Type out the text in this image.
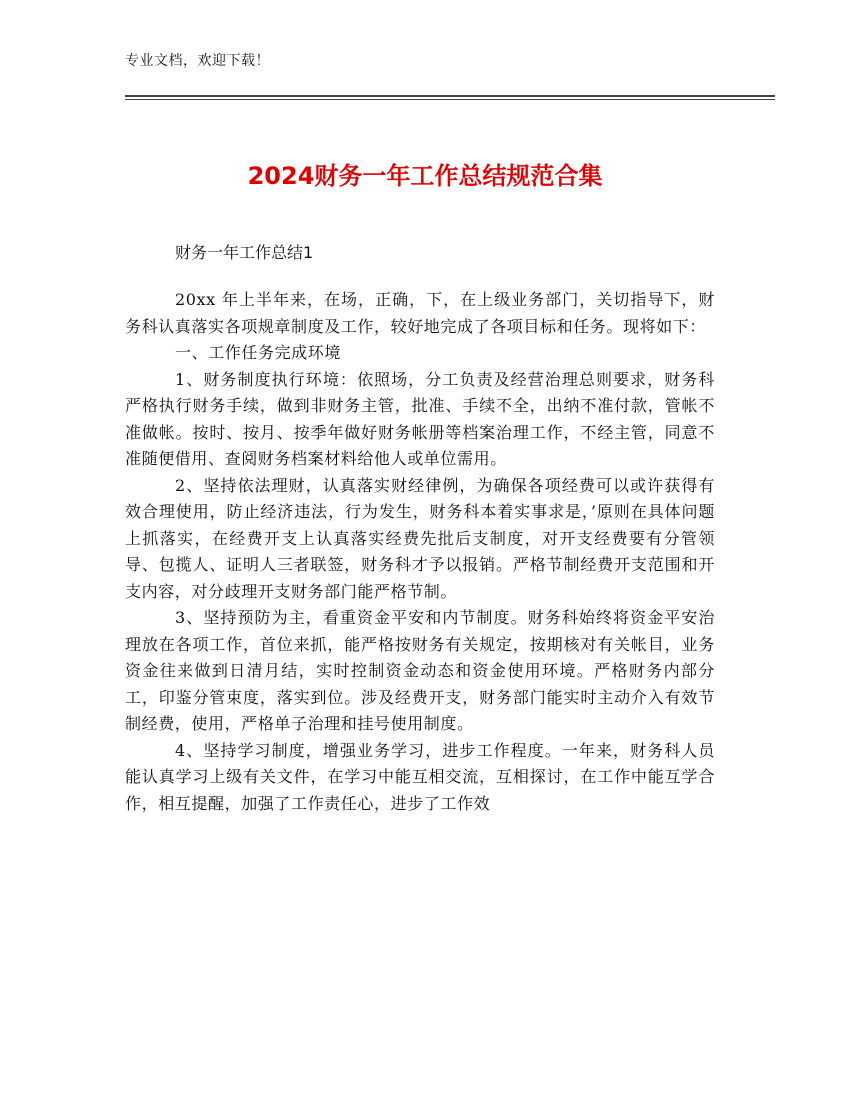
专业文档，欢迎下载！
2024财务一年工作总结规范合集
财务一年工作总结1

20xx 年上半年来，在场，正确，下，在上级业务部门，关切指导下，财务科认真落实各项规章制度及工作，较好地完成了各项目标和任务。现将如下：

一、工作任务完成环境

1、财务制度执行环境：依照场，分工负责及经营治理总则要求，财务科严格执行财务手续，做到非财务主管，批准、手续不全，出纳不准付款，管帐不准做帐。按时、按月、按季年做好财务帐册等档案治理工作，不经主管，同意不准随便借用、查阅财务档案材料给他人或单位需用。

2、坚持依法理财，认真落实财经律例，为确保各项经费可以或许获得有效合理使用，防止经济违法，行为发生，财务科本着实事求是，’原则在具体问题上抓落实，在经费开支上认真落实经费先批后支制度，对开支经费要有分管领导、包揽人、证明人三者联签，财务科才予以报销。严格节制经费开支范围和开支内容，对分歧理开支财务部门能严格节制。

3、坚持预防为主，看重资金平安和内节制度。财务科始终将资金平安治理放在各项工作，首位来抓，能严格按财务有关规定，按期核对有关帐目，业务资金往来做到日清月结，实时控制资金动态和资金使用环境。严格财务内部分工，印鉴分管束度，落实到位。涉及经费开支，财务部门能实时主动介入有效节制经费，使用，严格单子治理和挂号使用制度。

4、坚持学习制度，增强业务学习，进步工作程度。一年来，财务科人员能认真学习上级有关文件，在学习中能互相交流，互相探讨，在工作中能互学合作，相互提醒，加强了工作责任心，进步了工作效
